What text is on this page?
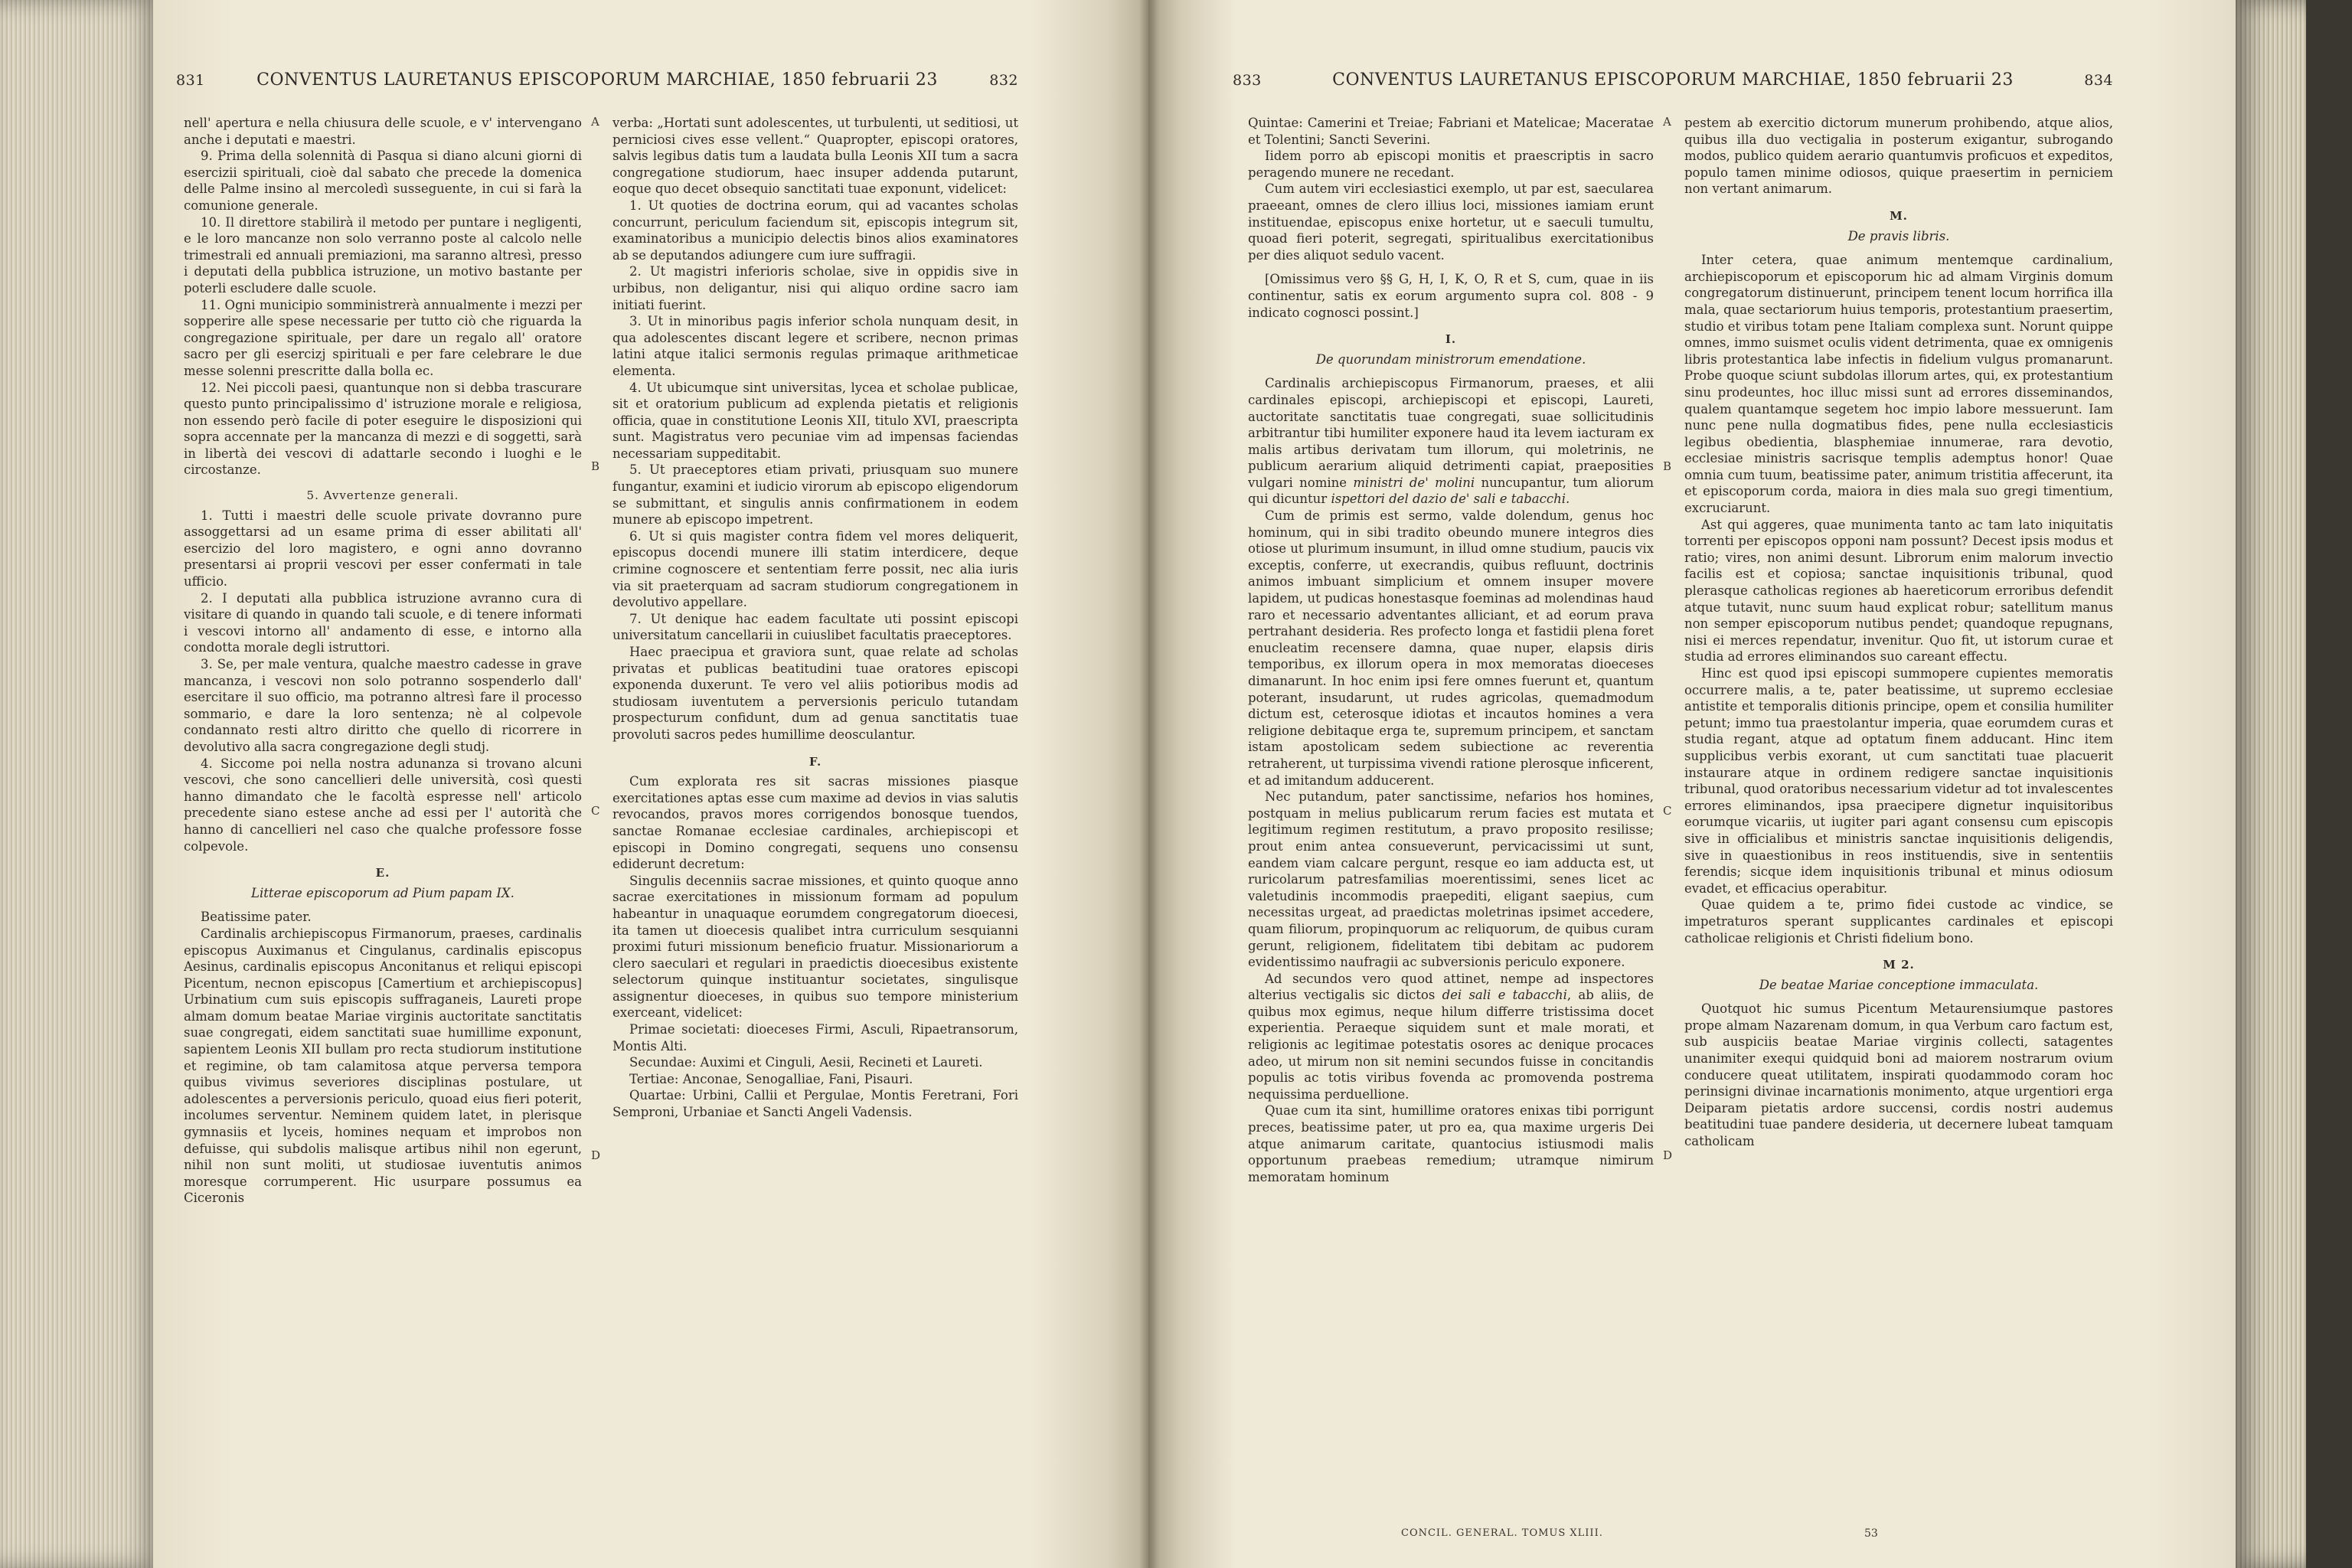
831	CONVENTUS LAURETANUS EPISCOPORUM MARCHIAE, 1850 februarii 23	832

nell' apertura e nella chiusura delle scuole, e v' intervengano anche i deputati e maestri.

9. Prima della solennità di Pasqua si diano alcuni giorni di esercizii spirituali, cioè dal sabato che precede la domenica delle Palme insino al mercoledì susseguente, in cui si farà la comunione generale.

10. Il direttore stabilirà il metodo per puntare i negligenti, e le loro mancanze non solo verranno poste al calcolo nelle trimestrali ed annuali premiazioni, ma saranno altresì, presso i deputati della pubblica istruzione, un motivo bastante per poterli escludere dalle scuole.

11. Ogni municipio somministrerà annualmente i mezzi per sopperire alle spese necessarie per tutto ciò che riguarda la congregazione spirituale, per dare un regalo all' oratore sacro per gli esercizj spirituali e per fare celebrare le due messe solenni prescritte dalla bolla ec.

12. Nei piccoli paesi, quantunque non si debba trascurare questo punto principalissimo d' istruzione morale e religiosa, non essendo però facile di poter eseguire le disposizioni qui sopra accennate per la mancanza di mezzi e di soggetti, sarà in libertà dei vescovi di adattarle secondo i luoghi e le circostanze.

5. Avvertenze generali.

1. Tutti i maestri delle scuole private dovranno pure assoggettarsi ad un esame prima di esser abilitati all' esercizio del loro magistero, e ogni anno dovranno presentarsi ai proprii vescovi per esser confermati in tale ufficio.

2. I deputati alla pubblica istruzione avranno cura di visitare di quando in quando tali scuole, e di tenere informati i vescovi intorno all' andamento di esse, e intorno alla condotta morale degli istruttori.

3. Se, per male ventura, qualche maestro cadesse in grave mancanza, i vescovi non solo potranno sospenderlo dall' esercitare il suo officio, ma potranno altresì fare il processo sommario, e dare la loro sentenza; nè al colpevole condannato resti altro diritto che quello di ricorrere in devolutivo alla sacra congregazione degli studj.

4. Siccome poi nella nostra adunanza si trovano alcuni vescovi, che sono cancellieri delle università, così questi hanno dimandato che le facoltà espresse nell' articolo precedente siano estese anche ad essi per l' autorità che hanno di cancellieri nel caso che qualche professore fosse colpevole.

E.
Litterae episcoporum ad Pium papam IX.

Beatissime pater.

Cardinalis archiepiscopus Firmanorum, praeses, cardinalis episcopus Auximanus et Cingulanus, cardinalis episcopus Aesinus, cardinalis episcopus Anconitanus et reliqui episcopi Picentum, necnon episcopus [Camertium et archiepiscopus] Urbinatium cum suis episcopis suffraganeis, Laureti prope almam domum beatae Mariae virginis auctoritate sanctitatis suae congregati, eidem sanctitati suae humillime exponunt, sapientem Leonis XII bullam pro recta studiorum institutione et regimine, ob tam calamitosa atque perversa tempora quibus vivimus severiores disciplinas postulare, ut adolescentes a perversionis periculo, quoad eius fieri poterit, incolumes serventur. Neminem quidem latet, in plerisque gymnasiis et lyceis, homines nequam et improbos non defuisse, qui subdolis malisque artibus nihil non egerunt, nihil non sunt moliti, ut studiosae iuventutis animos moresque corrumperent. Hic usurpare possumus ea Ciceronis

verba: „Hortati sunt adolescentes, ut turbulenti, ut seditiosi, ut perniciosi cives esse vellent.“ Quapropter, episcopi oratores, salvis legibus datis tum a laudata bulla Leonis XII tum a sacra congregatione studiorum, haec insuper addenda putarunt, eoque quo decet obsequio sanctitati tuae exponunt, videlicet:

1. Ut quoties de doctrina eorum, qui ad vacantes scholas concurrunt, periculum faciendum sit, episcopis integrum sit, examinatoribus a municipio delectis binos alios examinatores ab se deputandos adiungere cum iure suffragii.

2. Ut magistri inferioris scholae, sive in oppidis sive in urbibus, non deligantur, nisi qui aliquo ordine sacro iam initiati fuerint.

3. Ut in minoribus pagis inferior schola nunquam desit, in qua adolescentes discant legere et scribere, necnon primas latini atque italici sermonis regulas primaque arithmeticae elementa.

4. Ut ubicumque sint universitas, lycea et scholae publicae, sit et oratorium publicum ad explenda pietatis et religionis officia, quae in constitutione Leonis XII, titulo XVI, praescripta sunt. Magistratus vero pecuniae vim ad impensas faciendas necessariam suppeditabit.

5. Ut praeceptores etiam privati, priusquam suo munere fungantur, examini et iudicio virorum ab episcopo eligendorum se submittant, et singulis annis confirmationem in eodem munere ab episcopo impetrent.

6. Ut si quis magister contra fidem vel mores deliquerit, episcopus docendi munere illi statim interdicere, deque crimine cognoscere et sententiam ferre possit, nec alia iuris via sit praeterquam ad sacram studiorum congregationem in devolutivo appellare.

7. Ut denique hac eadem facultate uti possint episcopi universitatum cancellarii in cuiuslibet facultatis praeceptores.

Haec praecipua et graviora sunt, quae relate ad scholas privatas et publicas beatitudini tuae oratores episcopi exponenda duxerunt. Te vero vel aliis potioribus modis ad studiosam iuventutem a perversionis periculo tutandam prospecturum confidunt, dum ad genua sanctitatis tuae provoluti sacros pedes humillime deosculantur.

F.

Cum explorata res sit sacras missiones piasque exercitationes aptas esse cum maxime ad devios in vias salutis revocandos, pravos mores corrigendos bonosque tuendos, sanctae Romanae ecclesiae cardinales, archiepiscopi et episcopi in Domino congregati, sequens uno consensu ediderunt decretum:

Singulis decenniis sacrae missiones, et quinto quoque anno sacrae exercitationes in missionum formam ad populum habeantur in unaquaque eorumdem congregatorum dioecesi, ita tamen ut dioecesis qualibet intra curriculum sesquianni proximi futuri missionum beneficio fruatur. Missionariorum a clero saeculari et regulari in praedictis dioecesibus existente selectorum quinque instituantur societates, singulisque assignentur dioeceses, in quibus suo tempore ministerium exerceant, videlicet:

Primae societati: dioeceses Firmi, Asculi, Ripaetransorum, Montis Alti.

Secundae: Auximi et Cinguli, Aesii, Recineti et Laureti.

Tertiae: Anconae, Senogalliae, Fani, Pisauri.

Quartae: Urbini, Callii et Pergulae, Montis Feretrani, Fori Semproni, Urbaniae et Sancti Angeli Vadensis.

A
B
C
D
833	CONVENTUS LAURETANUS EPISCOPORUM MARCHIAE, 1850 februarii 23	834

Quintae: Camerini et Treiae; Fabriani et Matelicae; Maceratae et Tolentini; Sancti Severini.

Iidem porro ab episcopi monitis et praescriptis in sacro peragendo munere ne recedant.

Cum autem viri ecclesiastici exemplo, ut par est, saecularea praeeant, omnes de clero illius loci, missiones iamiam erunt instituendae, episcopus enixe hortetur, ut e saeculi tumultu, quoad fieri poterit, segregati, spiritualibus exercitationibus per dies aliquot sedulo vacent.

[Omissimus vero §§ G, H, I, K, O, R et S, cum, quae in iis continentur, satis ex eorum argumento supra col. 808 - 9 indicato cognosci possint.]

I.
De quorundam ministrorum emendatione.

Cardinalis archiepiscopus Firmanorum, praeses, et alii cardinales episcopi, archiepiscopi et episcopi, Laureti, auctoritate sanctitatis tuae congregati, suae sollicitudinis arbitrantur tibi humiliter exponere haud ita levem iacturam ex malis artibus derivatam tum illorum, qui moletrinis, ne publicum aerarium aliquid detrimenti capiat, praeposities vulgari nomine ministri de' molini nuncupantur, tum aliorum qui dicuntur ispettori del dazio de' sali e tabacchi.

Cum de primis est sermo, valde dolendum, genus hoc hominum, qui in sibi tradito obeundo munere integros dies otiose ut plurimum insumunt, in illud omne studium, paucis vix exceptis, conferre, ut execrandis, quibus refluunt, doctrinis animos imbuant simplicium et omnem insuper movere lapidem, ut pudicas honestasque foeminas ad molendinas haud raro et necessario adventantes alliciant, et ad eorum prava pertrahant desideria. Res profecto longa et fastidii plena foret enucleatim recensere damna, quae nuper, elapsis diris temporibus, ex illorum opera in mox memoratas dioeceses dimanarunt. In hoc enim ipsi fere omnes fuerunt et, quantum poterant, insudarunt, ut rudes agricolas, quemadmodum dictum est, ceterosque idiotas et incautos homines a vera religione debitaque erga te, supremum principem, et sanctam istam apostolicam sedem subiectione ac reverentia retraherent, ut turpissima vivendi ratione plerosque inficerent, et ad imitandum adducerent.

Nec putandum, pater sanctissime, nefarios hos homines, postquam in melius publicarum rerum facies est mutata et legitimum regimen restitutum, a pravo proposito resilisse; prout enim antea consueverunt, pervicacissimi ut sunt, eandem viam calcare pergunt, resque eo iam adducta est, ut ruricolarum patresfamilias moerentissimi, senes licet ac valetudinis incommodis praepediti, eligant saepius, cum necessitas urgeat, ad praedictas moletrinas ipsimet accedere, quam filiorum, propinquorum ac reliquorum, de quibus curam gerunt, religionem, fidelitatem tibi debitam ac pudorem evidentissimo naufragii ac subversionis periculo exponere.

Ad secundos vero quod attinet, nempe ad inspectores alterius vectigalis sic dictos dei sali e tabacchi, ab aliis, de quibus mox egimus, neque hilum differre tristissima docet experientia. Peraeque siquidem sunt et male morati, et religionis ac legitimae potestatis osores ac denique procaces adeo, ut mirum non sit nemini secundos fuisse in concitandis populis ac totis viribus fovenda ac promovenda postrema nequissima perduellione.

Quae cum ita sint, humillime oratores enixas tibi porrigunt preces, beatissime pater, ut pro ea, qua maxime urgeris Dei atque animarum caritate, quantocius istiusmodi malis opportunum praebeas remedium; utramque nimirum memoratam hominum

pestem ab exercitio dictorum munerum prohibendo, atque alios, quibus illa duo vectigalia in posterum exigantur, subrogando modos, publico quidem aerario quantumvis proficuos et expeditos, populo tamen minime odiosos, quique praesertim in perniciem non vertant animarum.

M.
De pravis libris.

Inter cetera, quae animum mentemque cardinalium, archiepiscoporum et episcoporum hic ad almam Virginis domum congregatorum distinuerunt, principem tenent locum horrifica illa mala, quae sectariorum huius temporis, protestantium praesertim, studio et viribus totam pene Italiam complexa sunt. Norunt quippe omnes, immo suismet oculis vident detrimenta, quae ex omnigenis libris protestantica labe infectis in fidelium vulgus promanarunt. Probe quoque sciunt subdolas illorum artes, qui, ex protestantium sinu prodeuntes, hoc illuc missi sunt ad errores disseminandos, qualem quantamque segetem hoc impio labore messuerunt. Iam nunc pene nulla dogmatibus fides, pene nulla ecclesiasticis legibus obedientia, blasphemiae innumerae, rara devotio, ecclesiae ministris sacrisque templis ademptus honor! Quae omnia cum tuum, beatissime pater, animum tristitia affecerunt, ita et episcoporum corda, maiora in dies mala suo gregi timentium, excruciarunt.

Ast qui aggeres, quae munimenta tanto ac tam lato iniquitatis torrenti per episcopos opponi nam possunt? Decest ipsis modus et ratio; vires, non animi desunt. Librorum enim malorum invectio facilis est et copiosa; sanctae inquisitionis tribunal, quod plerasque catholicas regiones ab haereticorum erroribus defendit atque tutavit, nunc suum haud explicat robur; satellitum manus non semper episcoporum nutibus pendet; quandoque repugnans, nisi ei merces rependatur, invenitur. Quo fit, ut istorum curae et studia ad errores eliminandos suo careant effectu.

Hinc est quod ipsi episcopi summopere cupientes memoratis occurrere malis, a te, pater beatissime, ut supremo ecclesiae antistite et temporalis ditionis principe, opem et consilia humiliter petunt; immo tua praestolantur imperia, quae eorumdem curas et studia regant, atque ad optatum finem adducant. Hinc item supplicibus verbis exorant, ut cum sanctitati tuae placuerit instaurare atque in ordinem redigere sanctae inquisitionis tribunal, quod oratoribus necessarium videtur ad tot invalescentes errores eliminandos, ipsa praecipere dignetur inquisitoribus eorumque vicariis, ut iugiter pari agant consensu cum episcopis sive in officialibus et ministris sanctae inquisitionis deligendis, sive in quaestionibus in reos instituendis, sive in sententiis ferendis; sicque idem inquisitionis tribunal et minus odiosum evadet, et efficacius operabitur.

Quae quidem a te, primo fidei custode ac vindice, se impetraturos sperant supplicantes cardinales et episcopi catholicae religionis et Christi fidelium bono.

M 2.
De beatae Mariae conceptione immaculata.

Quotquot hic sumus Picentum Metaurensiumque pastores prope almam Nazarenam domum, in qua Verbum caro factum est, sub auspiciis beatae Mariae virginis collecti, satagentes unanimiter exequi quidquid boni ad maiorem nostrarum ovium conducere queat utilitatem, inspirati quodammodo coram hoc perinsigni divinae incarnationis monimento, atque urgentiori erga Deiparam pietatis ardore succensi, cordis nostri audemus beatitudini tuae pandere desideria, ut decernere lubeat tamquam catholicam

A
B
C
D
CONCIL. GENERAL. TOMUS XLIII.	53
